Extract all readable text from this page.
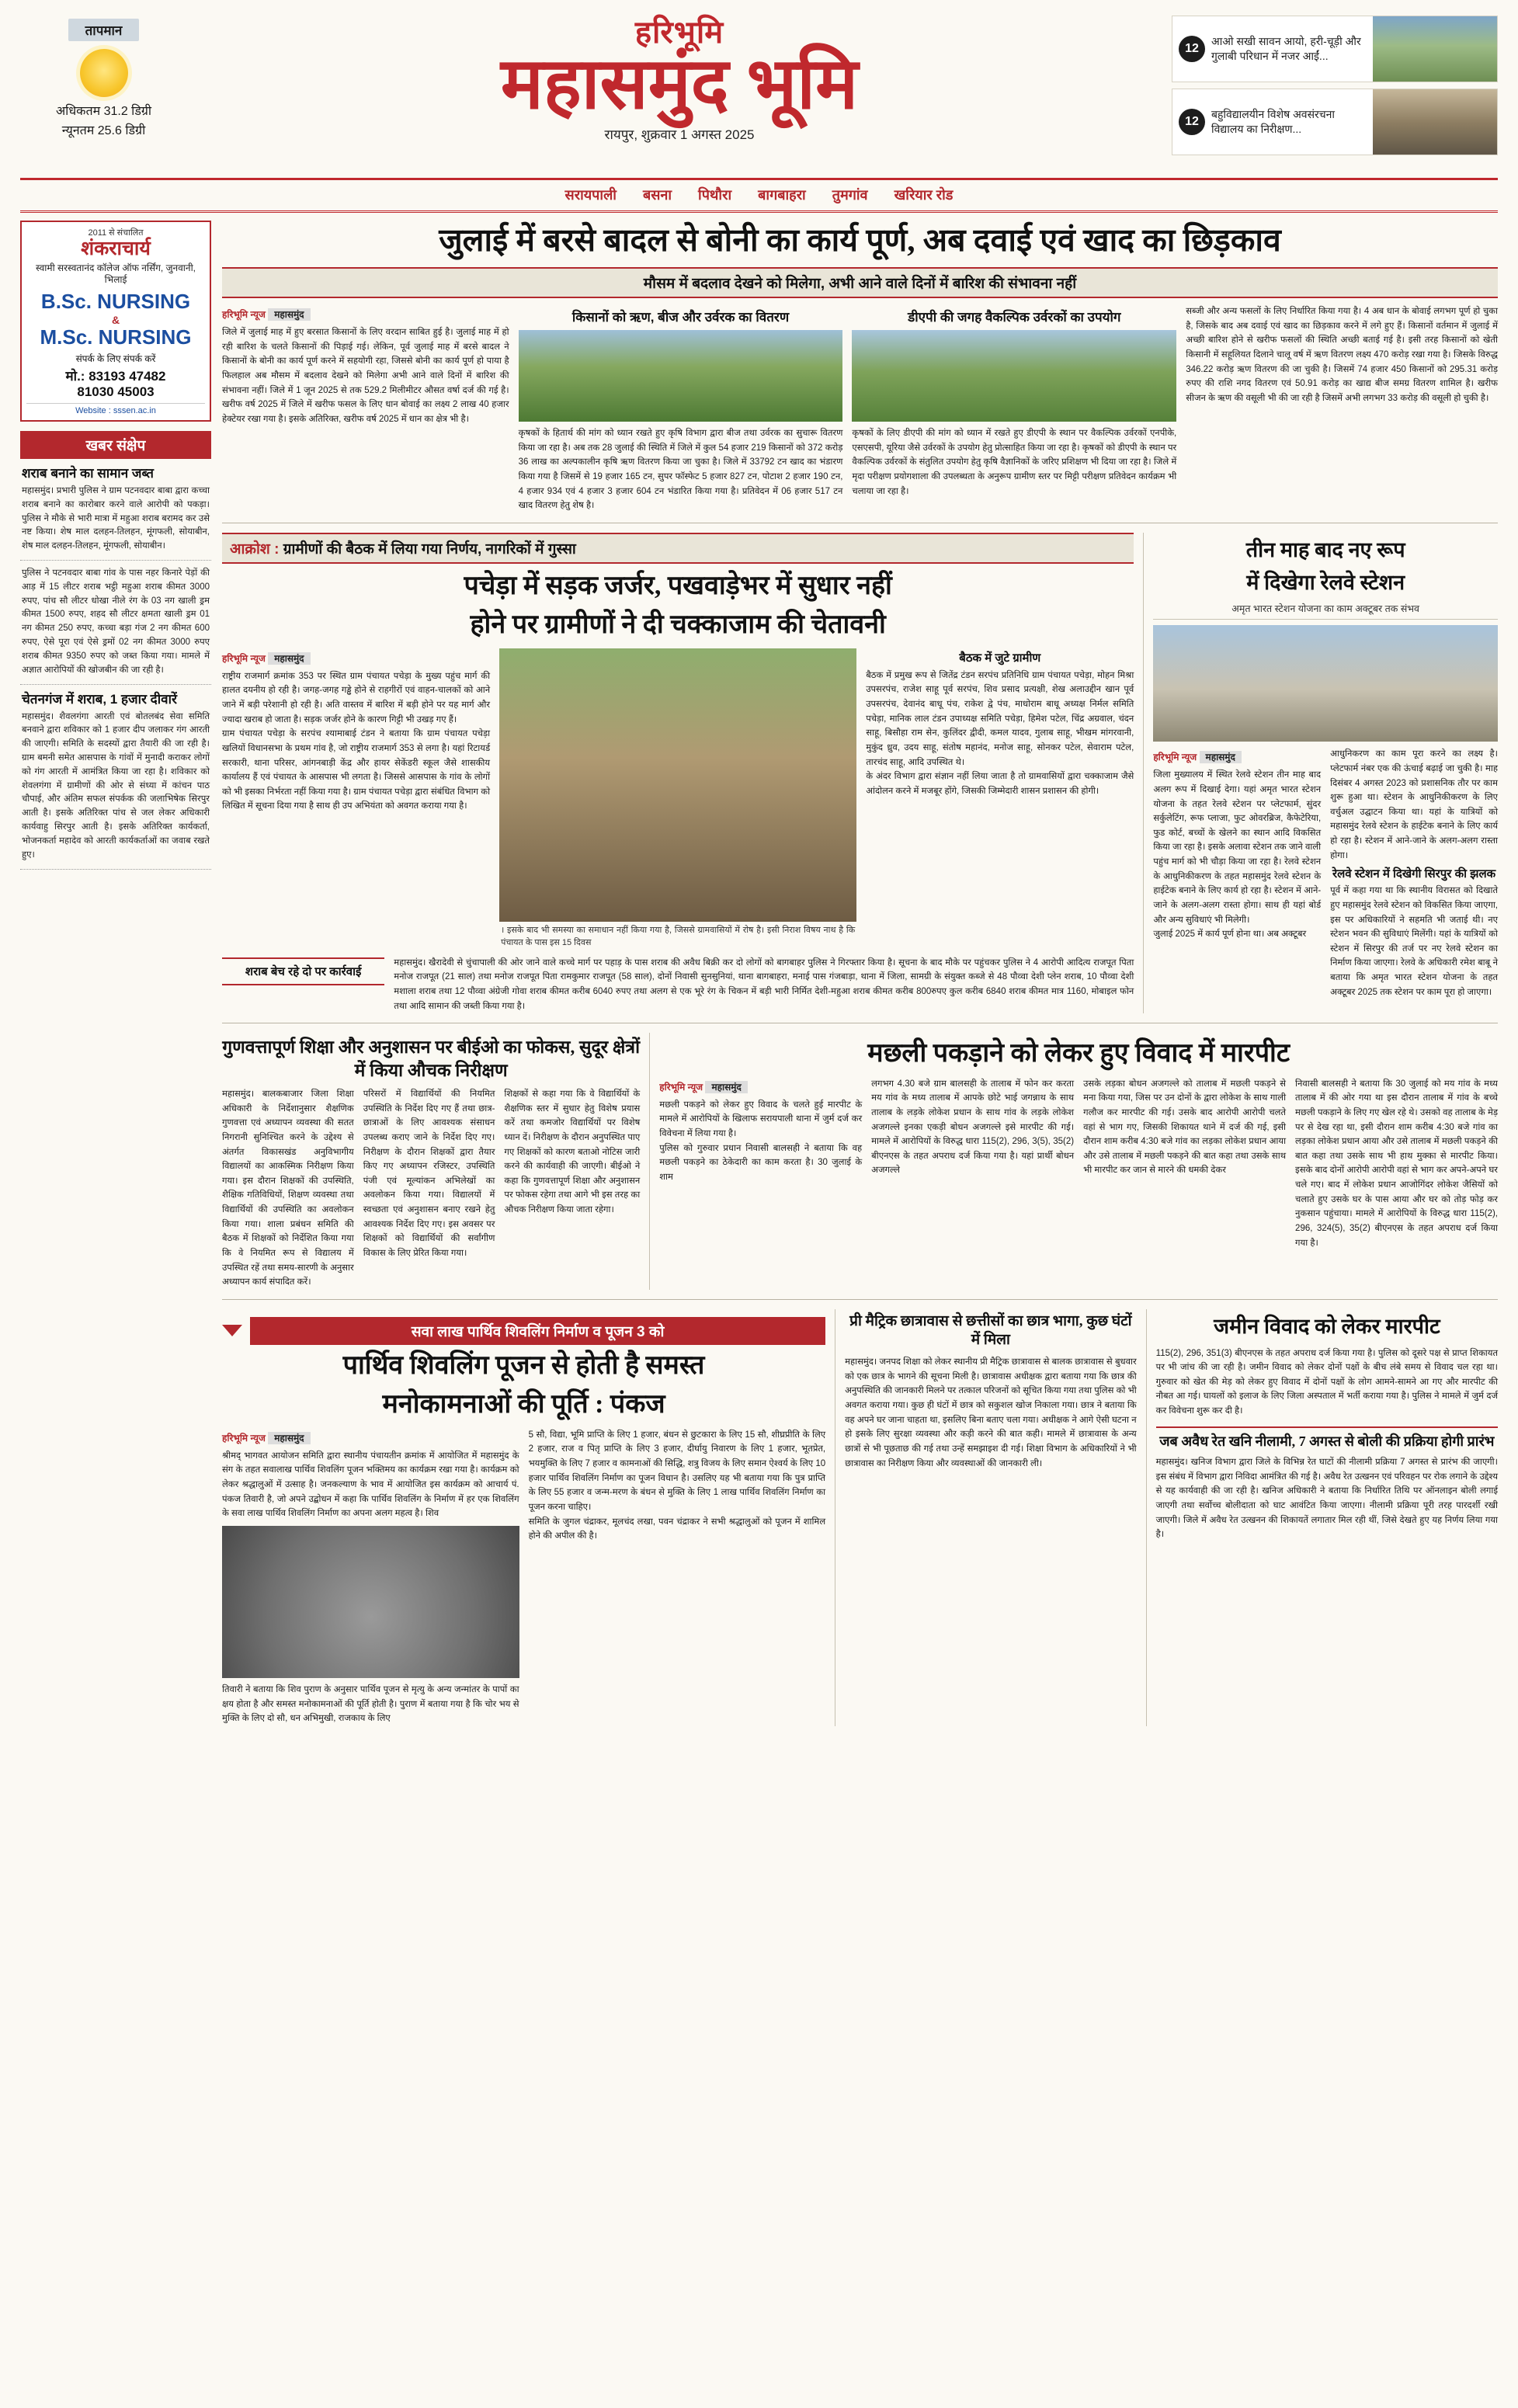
तापमान
अधिकतम 31.2 डिग्री
न्यूनतम 25.6 डिग्री
हरिभूमि
महासमुंद भूमि
रायपुर, शुक्रवार 1 अगस्त 2025
12
आओ सखी सावन आयो, हरी-चूड़ी और गुलाबी परिधान में नजर आईं...
12
बहुविद्यालयीन विशेष अवसंरचना विद्यालय का निरीक्षण...
सरायपाली बसना पिथौरा बागबाहरा तुमगांव खरियार रोड
2011 से संचालित
शंकराचार्य
स्वामी सरस्वतानंद कॉलेज ऑफ नर्सिंग, जुनवानी, भिलाई
B.Sc. NURSING
&
M.Sc. NURSING
संपर्क के लिए संपर्क करें
मो.: 83193 47482
81030 45003
Website : sssen.ac.in
खबर संक्षेप
शराब बनाने का सामान जब्त
महासमुंद। प्रभारी पुलिस ने ग्राम पटनवदार बाबा द्वारा कच्चा शराब बनाने का कारोबार करने वाले आरोपी को पकड़ा। पुलिस ने मौके से भारी मात्रा में महुआ शराब बरामद कर उसे नष्ट किया। शेष माल दलहन-तिलहन, मूंगफली, सोयाबीन, शेष माल दलहन-तिलहन, मूंगफली, सोयाबीन।
पुलिस ने पटनवदार बाबा गांव के पास नहर किनारे पेड़ों की आड़ में 15 लीटर शराब भट्ठी महुआ शराब कीमत 3000 रुपए, पांच सौ लीटर धोखा नीले रंग के 03 नग खाली ड्रम कीमत 1500 रुपए, शहद सौ लीटर क्षमता खाली ड्रम 01 नग कीमत 250 रुपए, कच्चा बड़ा गंज 2 नग कीमत 600 रुपए, ऐसे पूरा एवं ऐसे ड्रमों 02 नग कीमत 3000 रुपए शराब कीमत 9350 रुपए को जब्त किया गया। मामले में अज्ञात आरोपियों की खोजबीन की जा रही है।
चेतनगंज में शराब, 1 हजार दीवारें
महासमुंद। शैवलगंगा आरती एवं बोतलबंद सेवा समिति बनवाने द्वारा शविकार को 1 हजार दीप जलाकर गंग आरती की जाएगी। समिति के सदस्यों द्वारा तैयारी की जा रही है। ग्राम बमनी समेत आसपास के गांवों में मुनादी कराकर लोगों को गंग आरती में आमंत्रित किया जा रहा है। शविकार को शेवलगंगा में ग्रामीणों की ओर से संध्या में कांचन पाठ चौपाई, और अंतिम सफल संपर्कक की जलाभिषेक सिरपुर आती है। इसके अतिरिक्त पांच से जल लेकर अधिकारी कार्यवाहु सिरपुर आती है। इसके अतिरिक्त कार्यकर्ता, भोजनकर्ता महादेव को आरती कार्यकर्ताओं का जवाब रखते हुए।
जुलाई में बरसे बादल से बोनी का कार्य पूर्ण, अब दवाई एवं खाद का छिड़काव
मौसम में बदलाव देखने को मिलेगा, अभी आने वाले दिनों में बारिश की संभावना नहीं
हरिभूमि न्यूज महासमुंद
जिले में जुलाई माह में हुए बरसात किसानों के लिए वरदान साबित हुई है। जुलाई माह में हो रही बारिश के चलते किसानों की पिड़ाई गई। लेकिन, पूर्व जुलाई माह में बरसे बादल ने किसानों के बोनी का कार्य पूर्ण करने में सहयोगी रहा, जिससे बोनी का कार्य पूर्ण हो पाया है फिलहाल अब मौसम में बदलाव देखने को मिलेगा अभी आने वाले दिनों में बारिश की संभावना नहीं। जिले में 1 जून 2025 से तक 529.2 मिलीमीटर औसत वर्षा दर्ज की गई है। खरीफ वर्ष 2025 में जिले में खरीफ फसल के लिए धान बोवाई का लक्ष्य 2 लाख 40 हजार हेक्टेयर रखा गया है। इसके अतिरिक्त, खरीफ वर्ष 2025 में धान का क्षेत्र भी है।
किसानों को ऋण, बीज और उर्वरक का वितरण
कृषकों के हितार्थ की मांग को ध्यान रखते हुए कृषि विभाग द्वारा बीज तथा उर्वरक का सुचारू वितरण किया जा रहा है। अब तक 28 जुलाई की स्थिति में जिले में कुल 54 हजार 219 किसानों को 372 करोड़ 36 लाख का अल्पकालीन कृषि ऋण वितरण किया जा चुका है। जिले में 33792 टन खाद का भंडारण किया गया है जिसमें से 19 हजार 165 टन, सुपर फॉस्फेट 5 हजार 827 टन, पोटाश 2 हजार 190 टन, 4 हजार 934 एवं 4 हजार 3 हजार 604 टन भंडारित किया गया है। प्रतिवेदन में 06 हजार 517 टन खाद वितरण हेतु शेष है।
डीएपी की जगह वैकल्पिक उर्वरकों का उपयोग
कृषकों के लिए डीएपी की मांग को ध्यान में रखते हुए डीएपी के स्थान पर वैकल्पिक उर्वरकों एनपीके, एसएसपी, यूरिया जैसे उर्वरकों के उपयोग हेतु प्रोत्साहित किया जा रहा है। कृषकों को डीएपी के स्थान पर वैकल्पिक उर्वरकों के संतुलित उपयोग हेतु कृषि वैज्ञानिकों के जरिए प्रशिक्षण भी दिया जा रहा है। जिले में मृदा परीक्षण प्रयोगशाला की उपलब्धता के अनुरूप ग्रामीण स्तर पर मिट्टी परीक्षण प्रतिवेदन कार्यक्रम भी चलाया जा रहा है।
सब्जी और अन्य फसलों के लिए निर्धारित किया गया है। 4 अब धान के बोवाई लगभग पूर्ण हो चुका है, जिसके बाद अब दवाई एवं खाद का छिड़काव करने में लगे हुए हैं। किसानों वर्तमान में जुलाई में अच्छी बारिश होने से खरीफ फसलों की स्थिति अच्छी बताई गई है। इसी तरह किसानों को खेती किसानी में सहूलियत दिलाने चालू वर्ष में ऋण वितरण लक्ष्य 470 करोड़ रखा गया है। जिसके विरुद्ध 346.22 करोड़ ऋण वितरण की जा चुकी है। जिसमें 74 हजार 450 किसानों को 295.31 करोड़ रुपए की राशि नगद वितरण एवं 50.91 करोड़ का खाद्य बीज समग्र वितरण शामिल है। खरीफ सीजन के ऋण की वसूली भी की जा रही है जिसमें अभी लगभग 33 करोड़ की वसूली हो चुकी है।
आक्रोश : ग्रामीणों की बैठक में लिया गया निर्णय, नागरिकों में गुस्सा
पचेड़ा में सड़क जर्जर, पखवाड़ेभर में सुधार नहीं
होने पर ग्रामीणों ने दी चक्काजाम की चेतावनी
हरिभूमि न्यूज महासमुंद
राष्ट्रीय राजमार्ग क्रमांक 353 पर स्थित ग्राम पंचायत पचेड़ा के मुख्य पहुंच मार्ग की हालत दयनीय हो रही है। जगह-जगह गड्ढे होने से राहगीरों एवं वाहन-चालकों को आने जाने में बड़ी परेशानी हो रही है। अति वास्तव में बारिश में बड़ी होने पर यह मार्ग और ज्यादा खराब हो जाता है। सड़क जर्जर होने के कारण गिट्टी भी उखड़ गए हैं।
ग्राम पंचायत पचेड़ा के सरपंच श्यामाबाई टंडन ने बताया कि ग्राम पंचायत पचेड़ा खलियों विधानसभा के प्रथम गांव है, जो राष्ट्रीय राजमार्ग 353 से लगा है। यहां रिटायर्ड सरकारी, थाना परिसर, आंगनबाड़ी केंद्र और हायर सेकेंडरी स्कूल जैसे शासकीय कार्यालय हैं एवं पंचायत के आसपास भी लगता है। जिससे आसपास के गांव के लोगों को भी इसका निर्भरता नहीं किया गया है। ग्राम पंचायत पचेड़ा द्वारा संबंधित विभाग को लिखित में सूचना दिया गया है साथ ही उप अभियंता को अवगत कराया गया है।
। इसके बाद भी समस्या का समाधान नहीं किया गया है, जिससे ग्रामवासियों में रोष है। इसी निराश विषय नाथ है कि पंचायत के पास इस 15 दिवस
बैठक में जुटे ग्रामीण
बैठक में प्रमुख रूप से जितेंद्र टंडन सरपंच प्रतिनिधि ग्राम पंचायत पचेड़ा, मोहन मिश्रा उपसरपंच, राजेश साहू पूर्व सरपंच, शिव प्रसाद प्रत्यक्षी, शेख अलाउद्दीन खान पूर्व उपसरपंच, देवानंद बाधू पंच, राकेश द्वे पंच, माधोराम बाधू अध्यक्ष निर्मल समिति पचेड़ा, मानिक लाल टंडन उपाध्यक्ष समिति पचेड़ा, हिमेश पटेल, चिंद्र अग्रवाल, चंदन साहू, बिसौहा राम सेन, कुलिंदर द्वीदी, कमल यादव, गुलाब साहू, भीखम मांगरवानी, मुकुंद ध्रुव, उदय साहू, संतोष महानंद, मनोज साहू, सोनकर पटेल, सेवाराम पटेल, तारचंद साहू, आदि उपस्थित थे।
के अंदर विभाग द्वारा संज्ञान नहीं लिया जाता है तो ग्रामवासियों द्वारा चक्काजाम जैसे आंदोलन करने में मजबूर होंगे, जिसकी जिम्मेदारी शासन प्रशासन की होगी।
शराब बेच रहे दो पर कार्रवाई
महासमुंद। खैरादेवी से चुंचापाली की ओर जाने वाले कच्चे मार्ग पर पहाड़ के पास शराब की अवैध बिक्री कर दो लोगों को बागबाहर पुलिस ने गिरफ्तार किया है। सूचना के बाद मौके पर पहुंचकर पुलिस ने 4 आरोपी आदित्य राजपूत पिता मनोज राजपूत (21 साल) तथा मनोज राजपूत पिता रामकुमार राजपूत (58 साल), दोनों निवासी सुनसुनियां, थाना बागबाहरा, मनाई पास गंजबाड़ा, थाना में जिला, सामग्री के संयुक्त कब्जे से 48 पौव्वा देशी प्लेन शराब, 10 पौव्वा देशी मशाला शराब तथा 12 पौव्वा अंग्रेजी गोवा शराब कीमत करीब 6040 रुपए तथा अलग से एक भूरे रंग के चिकन में बड़ी भारी निर्मित देशी-महुआ शराब कीमत करीब 800रुपए कुल करीब 6840 शराब कीमत मात्र 1160, मोबाइल फोन तथा आदि सामान की जब्ती किया गया है।
तीन माह बाद नए रूप
में दिखेगा रेलवे स्टेशन
अमृत भारत स्टेशन योजना का काम अक्टूबर तक संभव
हरिभूमि न्यूज महासमुंद
जिला मुख्यालय में स्थित रेलवे स्टेशन तीन माह बाद अलग रूप में दिखाई देगा। यहां अमृत भारत स्टेशन योजना के तहत रेलवे स्टेशन पर प्लेटफार्म, सुंदर सर्कुलेटिंग, रूफ प्लाजा, फुट ओवरब्रिज, कैफेटेरिया, फुड कोर्ट, बच्चों के खेलने का स्थान आदि विकसित किया जा रहा है। इसके अलावा स्टेशन तक जाने वाली पहुंच मार्ग को भी चौड़ा किया जा रहा है। रेलवे स्टेशन के आधुनिकीकरण के तहत महासमुंद रेलवे स्टेशन के हाईटेक बनाने के लिए कार्य हो रहा है। स्टेशन में आने-जाने के अलग-अलग रास्ता होगा। साथ ही यहां बोर्ड और अन्य सुविधाएं भी मिलेगी।
जुलाई 2025 में कार्य पूर्ण होना था। अब अक्टूबर
आधुनिकरण का काम पूरा करने का लक्ष्य है। प्लेटफार्म नंबर एक की ऊंचाई बढ़ाई जा चुकी है। माह दिसंबर 4 अगस्त 2023 को प्रशासनिक तौर पर काम शुरू हुआ था। स्टेशन के आधुनिकीकरण के लिए वर्चुअल उद्घाटन किया था। यहां के यात्रियों को महासमुंद रेलवे स्टेशन के हाईटेक बनाने के लिए कार्य हो रहा है। स्टेशन में आने-जाने के अलग-अलग रास्ता होगा।
रेलवे स्टेशन में दिखेगी सिरपुर की झलक
पूर्व में कहा गया था कि स्थानीय विरासत को दिखाते हुए महासमुंद रेलवे स्टेशन को विकसित किया जाएगा, इस पर अधिकारियों ने सहमति भी जताई थी। नए स्टेशन भवन की सुविधाएं मिलेंगी। यहां के यात्रियों को स्टेशन में सिरपुर की तर्ज पर नए रेलवे स्टेशन का निर्माण किया जाएगा। रेलवे के अधिकारी रमेश बाबू ने बताया कि अमृत भारत स्टेशन योजना के तहत अक्टूबर 2025 तक स्टेशन पर काम पूरा हो जाएगा।
गुणवत्तापूर्ण शिक्षा और अनुशासन पर बीईओ का फोकस, सुदूर क्षेत्रों में किया औचक निरीक्षण
महासमुंद। बालकबाजार जिला शिक्षा अधिकारी के निर्देशानुसार शैक्षणिक गुणवत्ता एवं अध्यापन व्यवस्था की सतत निगरानी सुनिश्चित करने के उद्देश्य से अंतर्गत विकासखंड अनुविभागीय विद्यालयों का आकस्मिक निरीक्षण किया गया। इस दौरान शिक्षकों की उपस्थिति, शैक्षिक गतिविधियों, शिक्षण व्यवस्था तथा विद्यार्थियों की उपस्थिति का अवलोकन किया गया। शाला प्रबंधन समिति की बैठक में शिक्षकों को निर्देशित किया गया कि वे नियमित रूप से विद्यालय में उपस्थित रहें तथा समय-सारणी के अनुसार अध्यापन कार्य संपादित करें।
परिसरों में विद्यार्थियों की नियमित उपस्थिति के निर्देश दिए गए हैं तथा छात्र-छात्राओं के लिए आवश्यक संसाधन उपलब्ध कराए जाने के निर्देश दिए गए। निरीक्षण के दौरान शिक्षकों द्वारा तैयार किए गए अध्यापन रजिस्टर, उपस्थिति पंजी एवं मूल्यांकन अभिलेखों का अवलोकन किया गया। विद्यालयों में स्वच्छता एवं अनुशासन बनाए रखने हेतु आवश्यक निर्देश दिए गए। इस अवसर पर शिक्षकों को विद्यार्थियों की सर्वांगीण विकास के लिए प्रेरित किया गया।
शिक्षकों से कहा गया कि वे विद्यार्थियों के शैक्षणिक स्तर में सुधार हेतु विशेष प्रयास करें तथा कमजोर विद्यार्थियों पर विशेष ध्यान दें। निरीक्षण के दौरान अनुपस्थित पाए गए शिक्षकों को कारण बताओ नोटिस जारी करने की कार्यवाही की जाएगी। बीईओ ने कहा कि गुणवत्तापूर्ण शिक्षा और अनुशासन पर फोकस रहेगा तथा आगे भी इस तरह का औचक निरीक्षण किया जाता रहेगा।
मछली पकड़ाने को लेकर हुए विवाद में मारपीट
हरिभूमि न्यूज महासमुंद
मछली पकड़ने को लेकर हुए विवाद के चलते हुई मारपीट के मामले में आरोपियों के खिलाफ सरायपाली थाना में जुर्म दर्ज कर विवेचना में लिया गया है।
पुलिस को गुरुवार प्रधान निवासी बालसही ने बताया कि वह मछली पकड़ने का ठेकेदारी का काम करता है। 30 जुलाई के शाम
लगभग 4.30 बजे ग्राम बालसही के तालाब में फोन कर करता मय गांव के मध्य तालाब में आपके छोटे भाई जगन्नाथ के साथ तालाब के लड़के लोकेश प्रधान के साथ गांव के लड़के लोकेश अजगल्ले इनका एकड़ी बोधन अजगल्ले इसे मारपीट की गई। मामले में आरोपियों के विरुद्ध धारा 115(2), 296, 3(5), 35(2) बीएनएस के तहत अपराध दर्ज किया गया है। यहां प्रार्थी बोधन अजगल्ले
उसके लड़का बोधन अजगल्ले को तालाब में मछली पकड़ने से मना किया गया, जिस पर उन दोनों के द्वारा लोकेश के साथ गाली गलौज कर मारपीट की गई। उसके बाद आरोपी आरोपी चलते वहां से भाग गए, जिसकी शिकायत थाने में दर्ज की गई, इसी दौरान शाम करीब 4:30 बजे गांव का लड़का लोकेश प्रधान आया और उसे तालाब में मछली पकड़ने की बात कहा तथा उसके साथ भी मारपीट कर जान से मारने की धमकी देकर
निवासी बालसही ने बताया कि 30 जुलाई को मय गांव के मध्य तालाब में की ओर गया था इस दौरान तालाब में गांव के बच्चे मछली पकड़ाने के लिए गए खेल रहे थे। उसको वह तालाब के मेड़ पर से देख रहा था, इसी दौरान शाम करीब 4:30 बजे गांव का लड़का लोकेश प्रधान आया और उसे तालाब में मछली पकड़ने की बात कहा तथा उसके साथ भी हाथ मुक्का से मारपीट किया। इसके बाद दोनों आरोपी आरोपी वहां से भाग कर अपने-अपने घर चले गए। बाद में लोकेश प्रधान आजोगिंदर लोकेश जैसियों को चलाते हुए उसके घर के पास आया और घर को तोड़ फोड़ कर नुकसान पहुंचाया। मामले में आरोपियों के विरुद्ध धारा 115(2), 296, 324(5), 35(2) बीएनएस के तहत अपराध दर्ज किया गया है।
सवा लाख पार्थिव शिवलिंग निर्माण व पूजन 3 को
पार्थिव शिवलिंग पूजन से होती है समस्त
मनोकामनाओं की पूर्ति : पंकज
हरिभूमि न्यूज महासमुंद
श्रीमद् भागवत आयोजन समिति द्वारा स्थानीय पंचायतीन क्रमांक में आयोजित में महासमुंद के संग के तहत सवालाख पार्थिव शिवलिंग पूजन भक्तिमय का कार्यक्रम रखा गया है। कार्यक्रम को लेकर श्रद्धालुओं में उत्साह है। जनकल्याण के भाव में आयोजित इस कार्यक्रम को आचार्य पं. पंकज तिवारी है, जो अपने उद्बोधन में कहा कि पार्थिव शिवलिंग के निर्माण में हर एक शिवलिंग के सवा लाख पार्थिव शिवलिंग निर्माण का अपना अलग महत्व है। शिव
तिवारी ने बताया कि शिव पुराण के अनुसार पार्थिव पूजन से मृत्यु के अन्य जन्मांतर के पापों का क्षय होता है और समस्त मनोकामनाओं की पूर्ति होती है। पुराण में बताया गया है कि चोर भय से मुक्ति के लिए दो सौ, धन अभिमुखी, राजकाय के लिए
5 सौ, विद्या, भूमि प्राप्ति के लिए 1 हजार, बंधन से छुटकारा के लिए 15 सौ, शीघ्रप्रीति के लिए 2 हजार, राज व पितृ प्राप्ति के लिए 3 हजार, दीर्घायु निवारण के लिए 1 हजार, भूतप्रेत, भयमुक्ति के लिए 7 हजार व कामनाओं की सिद्धि, शत्रु विजय के लिए समान ऐश्वर्य के लिए 10 हजार पार्थिव शिवलिंग निर्माण का पूजन विधान है। उसलिए यह भी बताया गया कि पुत्र प्राप्ति के लिए 55 हजार व जन्म-मरण के बंधन से मुक्ति के लिए 1 लाख पार्थिव शिवलिंग निर्माण का पूजन करना चाहिए।
समिति के जुगल चंद्राकर, मूलचंद लखा, पवन चंद्राकर ने सभी श्रद्धालुओं को पूजन में शामिल होने की अपील की है।
प्री मैट्रिक छात्रावास से छत्तीसों का छात्र भागा, कुछ घंटों में मिला
महासमुंद। जनपद शिक्षा को लेकर स्थानीय प्री मैट्रिक छात्रावास से बालक छात्रावास से बुधवार को एक छात्र के भागने की सूचना मिली है। छात्रावास अधीक्षक द्वारा बताया गया कि छात्र की अनुपस्थिति की जानकारी मिलने पर तत्काल परिजनों को सूचित किया गया तथा पुलिस को भी अवगत कराया गया। कुछ ही घंटों में छात्र को सकुशल खोज निकाला गया। छात्र ने बताया कि वह अपने घर जाना चाहता था, इसलिए बिना बताए चला गया। अधीक्षक ने आगे ऐसी घटना न हो इसके लिए सुरक्षा व्यवस्था और कड़ी करने की बात कही। मामले में छात्रावास के अन्य छात्रों से भी पूछताछ की गई तथा उन्हें समझाइश दी गई। शिक्षा विभाग के अधिकारियों ने भी छात्रावास का निरीक्षण किया और व्यवस्थाओं की जानकारी ली।
जमीन विवाद को लेकर मारपीट
115(2), 296, 351(3) बीएनएस के तहत अपराध दर्ज किया गया है। पुलिस को दूसरे पक्ष से प्राप्त शिकायत पर भी जांच की जा रही है। जमीन विवाद को लेकर दोनों पक्षों के बीच लंबे समय से विवाद चल रहा था। गुरुवार को खेत की मेड़ को लेकर हुए विवाद में दोनों पक्षों के लोग आमने-सामने आ गए और मारपीट की नौबत आ गई। घायलों को इलाज के लिए जिला अस्पताल में भर्ती कराया गया है। पुलिस ने मामले में जुर्म दर्ज कर विवेचना शुरू कर दी है।
जब अवैध रेत खनि नीलामी, 7 अगस्त से बोली की प्रक्रिया होगी प्रारंभ
महासमुंद। खनिज विभाग द्वारा जिले के विभिन्न रेत घाटों की नीलामी प्रक्रिया 7 अगस्त से प्रारंभ की जाएगी। इस संबंध में विभाग द्वारा निविदा आमंत्रित की गई है। अवैध रेत उत्खनन एवं परिवहन पर रोक लगाने के उद्देश्य से यह कार्यवाही की जा रही है। खनिज अधिकारी ने बताया कि निर्धारित तिथि पर ऑनलाइन बोली लगाई जाएगी तथा सर्वोच्च बोलीदाता को घाट आवंटित किया जाएगा। नीलामी प्रक्रिया पूरी तरह पारदर्शी रखी जाएगी। जिले में अवैध रेत उत्खनन की शिकायतें लगातार मिल रही थीं, जिसे देखते हुए यह निर्णय लिया गया है।
